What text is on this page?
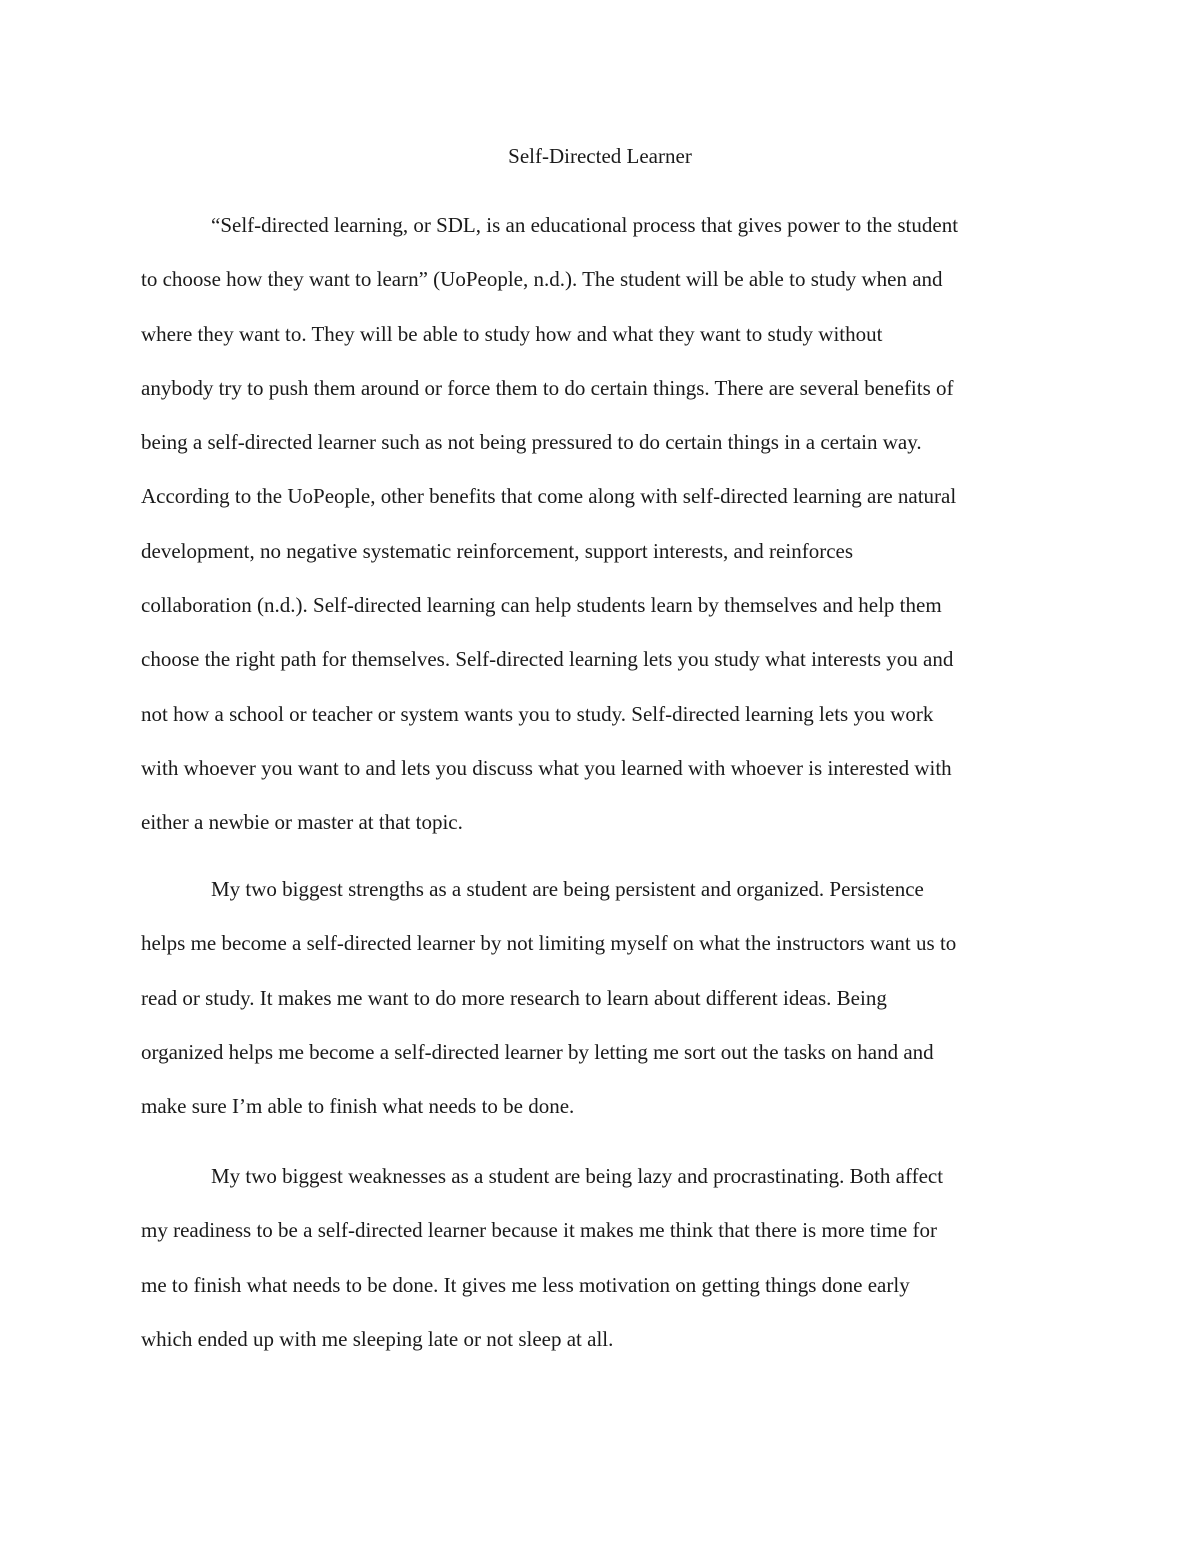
Self-Directed Learner

“Self-directed learning, or SDL, is an educational process that gives power to the student
to choose how they want to learn” (UoPeople, n.d.). The student will be able to study when and
where they want to. They will be able to study how and what they want to study without
anybody try to push them around or force them to do certain things. There are several benefits of
being a self-directed learner such as not being pressured to do certain things in a certain way.
According to the UoPeople, other benefits that come along with self-directed learning are natural
development, no negative systematic reinforcement, support interests, and reinforces
collaboration (n.d.). Self-directed learning can help students learn by themselves and help them
choose the right path for themselves. Self-directed learning lets you study what interests you and
not how a school or teacher or system wants you to study. Self-directed learning lets you work
with whoever you want to and lets you discuss what you learned with whoever is interested with
either a newbie or master at that topic.

My two biggest strengths as a student are being persistent and organized. Persistence
helps me become a self-directed learner by not limiting myself on what the instructors want us to
read or study. It makes me want to do more research to learn about different ideas. Being
organized helps me become a self-directed learner by letting me sort out the tasks on hand and
make sure I’m able to finish what needs to be done.

My two biggest weaknesses as a student are being lazy and procrastinating. Both affect
my readiness to be a self-directed learner because it makes me think that there is more time for
me to finish what needs to be done. It gives me less motivation on getting things done early
which ended up with me sleeping late or not sleep at all.
